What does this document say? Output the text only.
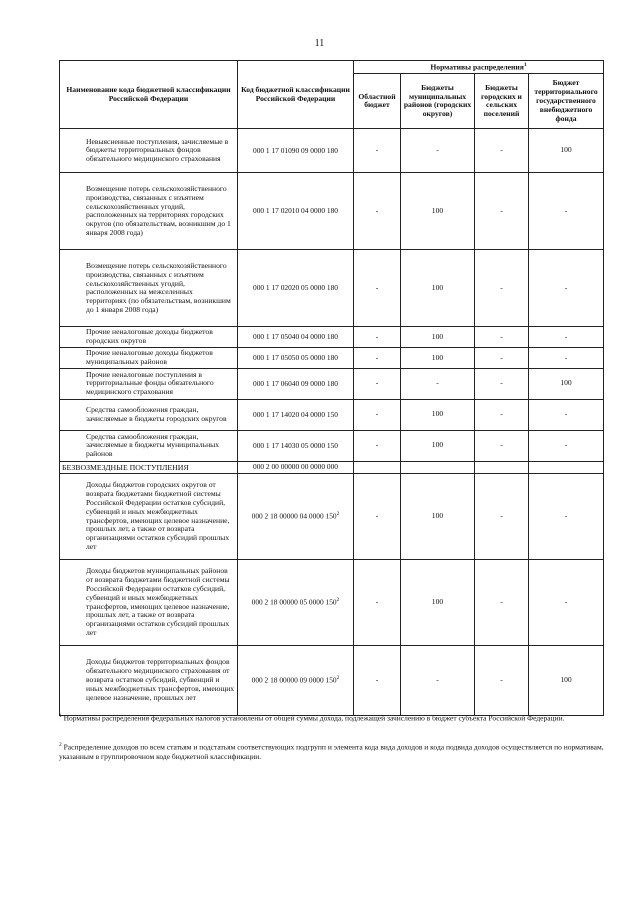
11
Наименование кода бюджетной классификации Российской Федерации	Код бюджетной классификации Российской Федерации	Нормативы распределения$^1$
		Областной бюджет	Бюджеты муниципальных районов (городских округов)	Бюджеты городских и сельских поселений	Бюджет территориального государственного внебюджетного фонда
Невыясненные поступления, зачисляемые в бюджеты территориальных фондов обязательного медицинского страхования	000 1 17 01090 09 0000 180	-	-	-	100
Возмещение потерь сельскохозяйственного производства, связанных с изъятием сельскохозяйственных угодий, расположенных на территориях городских округов (по обязательствам, возникшим до 1 января 2008 года)	000 1 17 02010 04 0000 180	-	100	-	-
Возмещение потерь сельскохозяйственного производства, связанных с изъятием сельскохозяйственных угодий, расположенных на межселенных территориях (по обязательствам, возникшим до 1 января 2008 года)	000 1 17 02020 05 0000 180	-	100	-	-
Прочие неналоговые доходы бюджетов городских округов	000 1 17 05040 04 0000 180	-	100	-	-
Прочие неналоговые доходы бюджетов муниципальных районов	000 1 17 05050 05 0000 180	-	100	-	-
Прочие неналоговые поступления в территориальные фонды обязательного медицинского страхования	000 1 17 06040 09 0000 180	-	-	-	100
Средства самообложения граждан, зачисляемые в бюджеты городских округов	000 1 17 14020 04 0000 150	-	100	-	-
Средства самообложения граждан, зачисляемые в бюджеты муниципальных районов	000 1 17 14030 05 0000 150	-	100	-	-
БЕЗВОЗМЕЗДНЫЕ ПОСТУПЛЕНИЯ	000 2 00 00000 00 0000 000				
Доходы бюджетов городских округов от возврата бюджетами бюджетной системы Российской Федерации остатков субсидий, субвенций и иных межбюджетных трансфертов, имеющих целевое назначение, прошлых лет, а также от возврата организациями остатков субсидий прошлых лет	000 2 18 00000 04 0000 $150^2$	-	100	-	-
Доходы бюджетов муниципальных районов от возврата бюджетами бюджетной системы Российской Федерации остатков субсидий, субвенций и иных межбюджетных трансфертов, имеющих целевое назначение, прошлых лет, а также от возврата организациями остатков субсидий прошлых лет	000 2 18 00000 05 0000 $150^2$	-	100	-	-
Доходы бюджетов территориальных фондов обязательного медицинского страхования от возврата остатков субсидий, субвенций и иных межбюджетных трансфертов, имеющих целевое назначение, прошлых лет	000 2 18 00000 09 0000 $150^2$	-	-	-	100
$^1$ Нормативы распределения федеральных налогов установлены от общей суммы дохода, подлежащей зачислению в бюджет субъекта Российской Федерации.
$^2$ Распределение доходов по всем статьям и подстатьям соответствующих подгрупп и элемента кода вида доходов и кода подвида доходов осуществляется по нормативам, указанным в группировочном коде бюджетной классификации.
